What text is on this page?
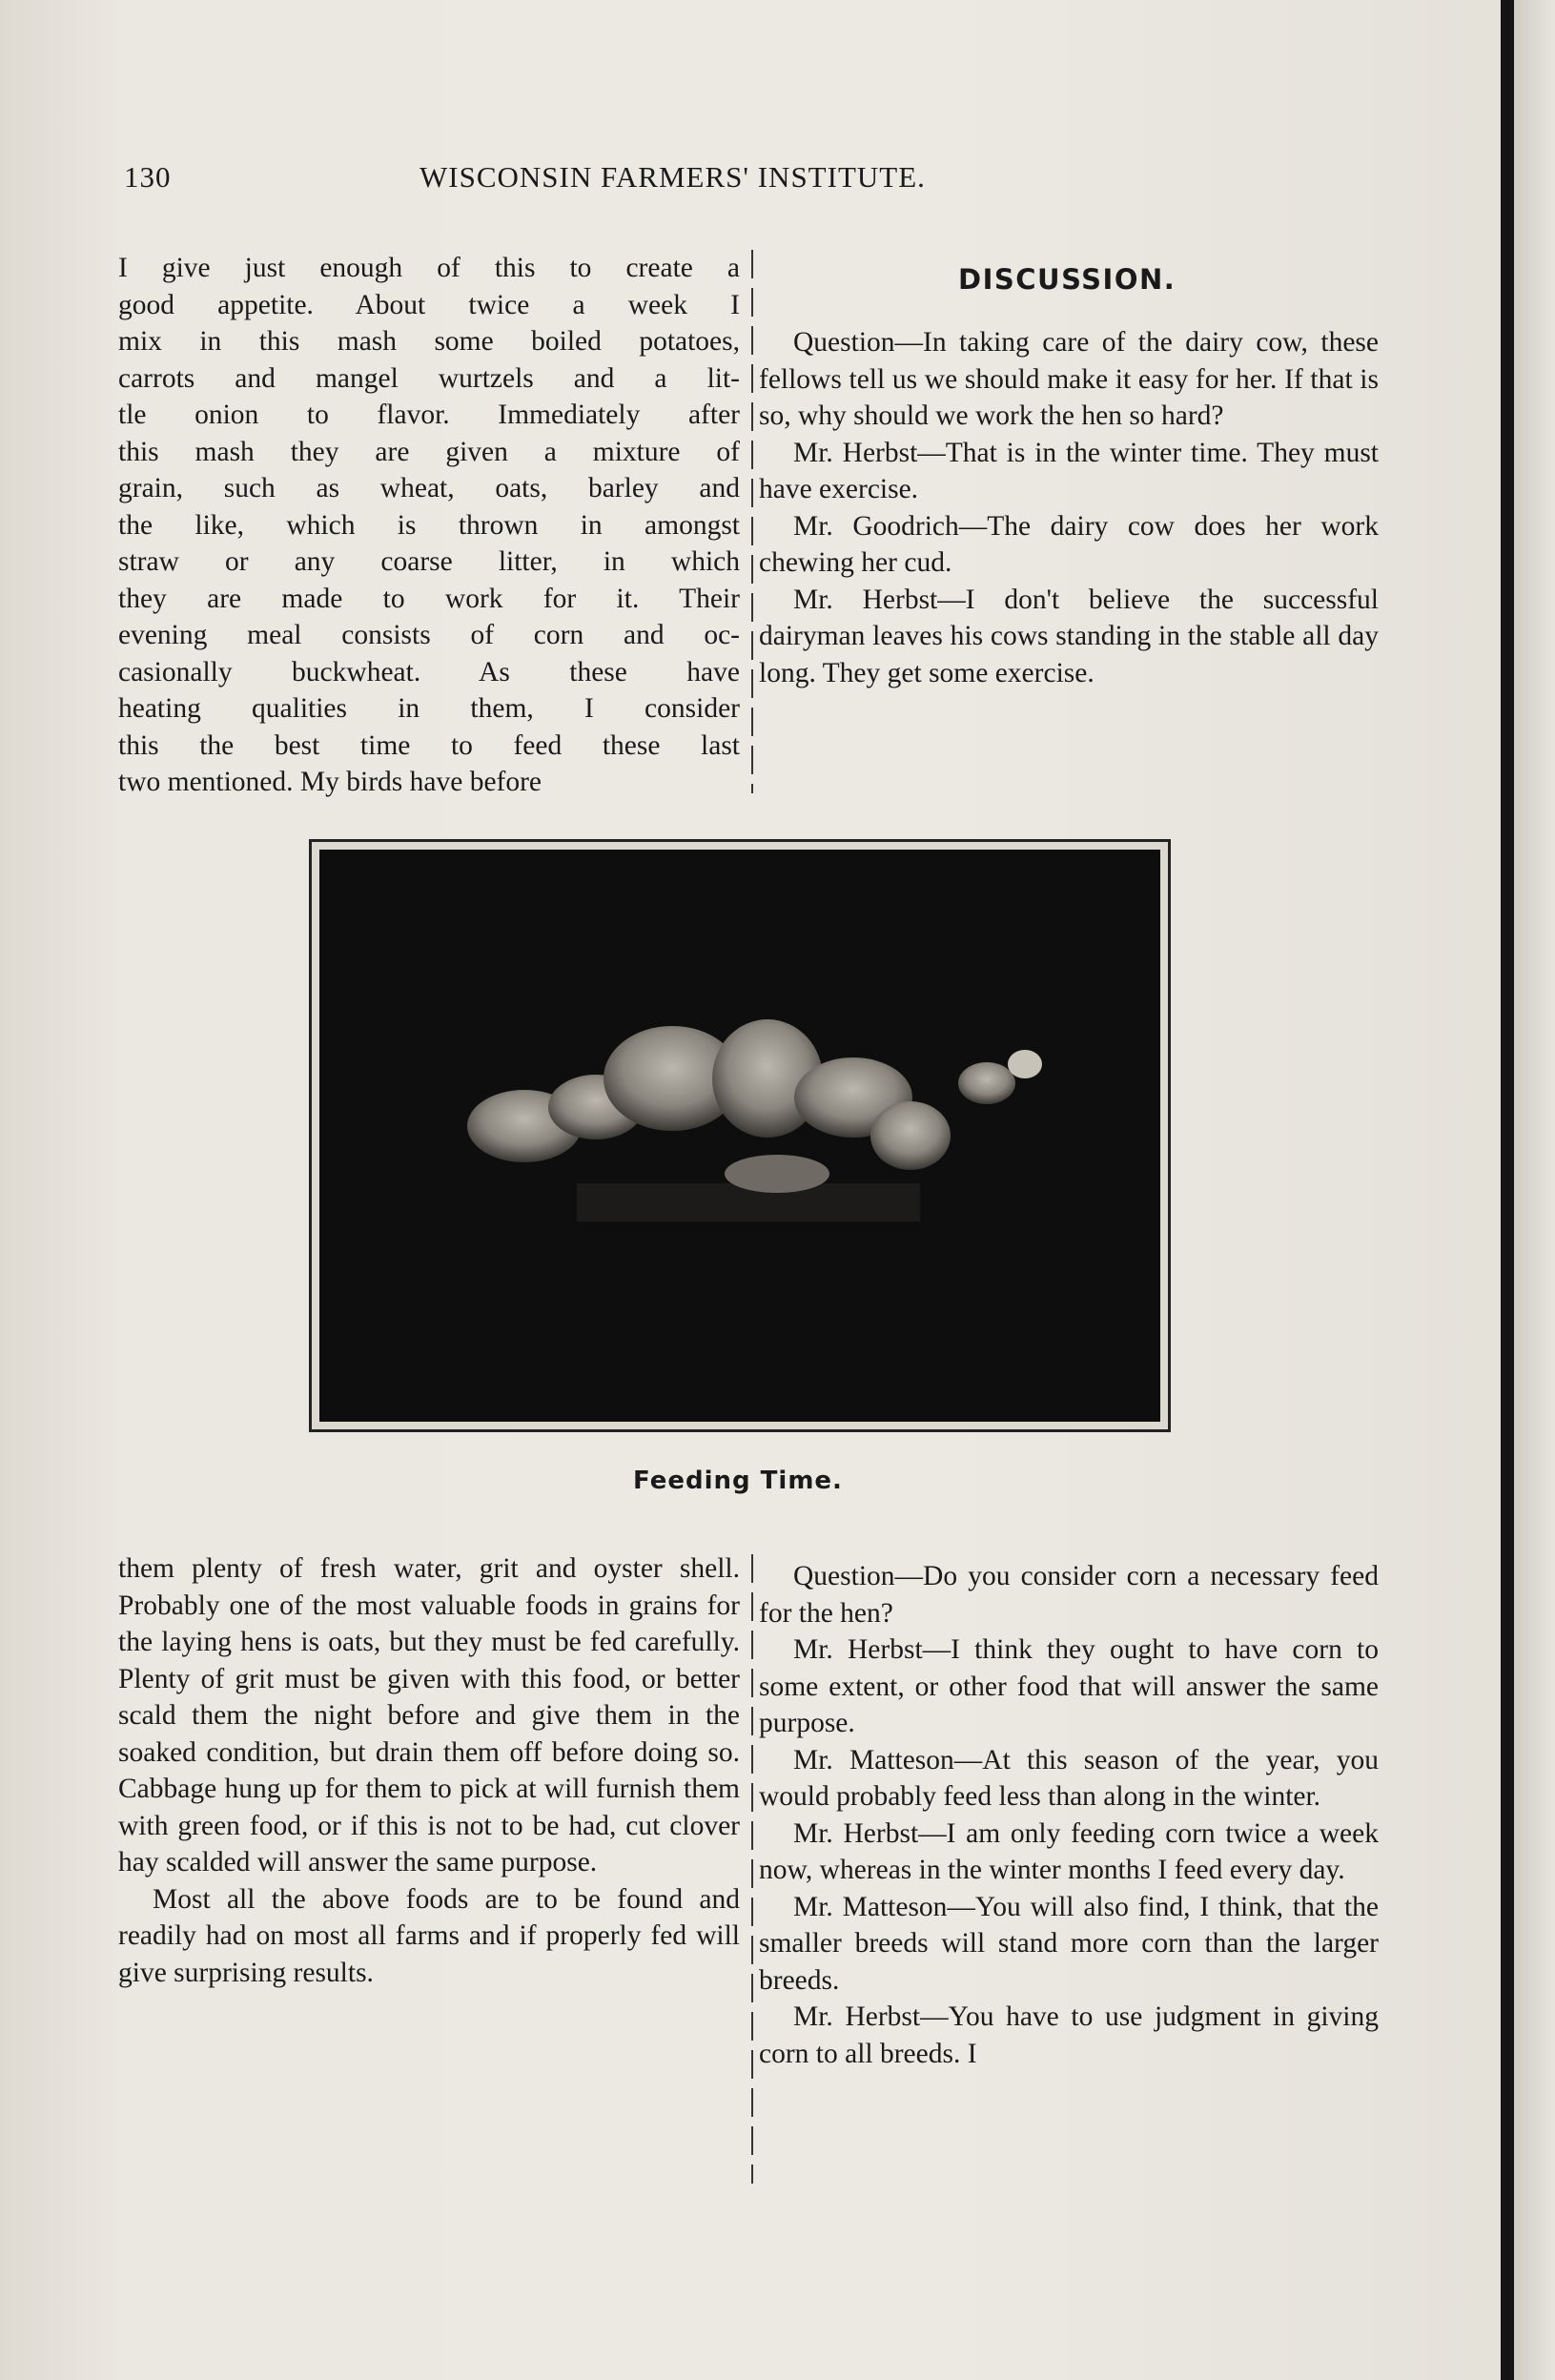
130	WISCONSIN FARMERS' INSTITUTE.

I give just enough of this to create a

good appetite. About twice a week I

mix in this mash some boiled potatoes,

carrots and mangel wurtzels and a lit-

tle onion to flavor. Immediately after

this mash they are given a mixture of

grain, such as wheat, oats, barley and

the like, which is thrown in amongst

straw or any coarse litter, in which

they are made to work for it. Their

evening meal consists of corn and oc-

casionally buckwheat. As these have

heating qualities in them, I consider

this the best time to feed these last

two mentioned. My birds have before

DISCUSSION.

Question—In taking care of the dairy cow, these fellows tell us we should make it easy for her. If that is so, why should we work the hen so hard?

Mr. Herbst—That is in the winter time. They must have exercise.

Mr. Goodrich—The dairy cow does her work chewing her cud.

Mr. Herbst—I don't believe the successful dairyman leaves his cows standing in the stable all day long. They get some exercise.

Feeding Time.

them plenty of fresh water, grit and oyster shell. Probably one of the most valuable foods in grains for the laying hens is oats, but they must be fed carefully. Plenty of grit must be given with this food, or better scald them the night before and give them in the soaked condition, but drain them off before doing so. Cabbage hung up for them to pick at will furnish them with green food, or if this is not to be had, cut clover hay scalded will answer the same purpose.

Most all the above foods are to be found and readily had on most all farms and if properly fed will give surprising results.

Question—Do you consider corn a necessary feed for the hen?

Mr. Herbst—I think they ought to have corn to some extent, or other food that will answer the same purpose.

Mr. Matteson—At this season of the year, you would probably feed less than along in the winter.

Mr. Herbst—I am only feeding corn twice a week now, whereas in the winter months I feed every day.

Mr. Matteson—You will also find, I think, that the smaller breeds will stand more corn than the larger breeds.

Mr. Herbst—You have to use judgment in giving corn to all breeds. I
